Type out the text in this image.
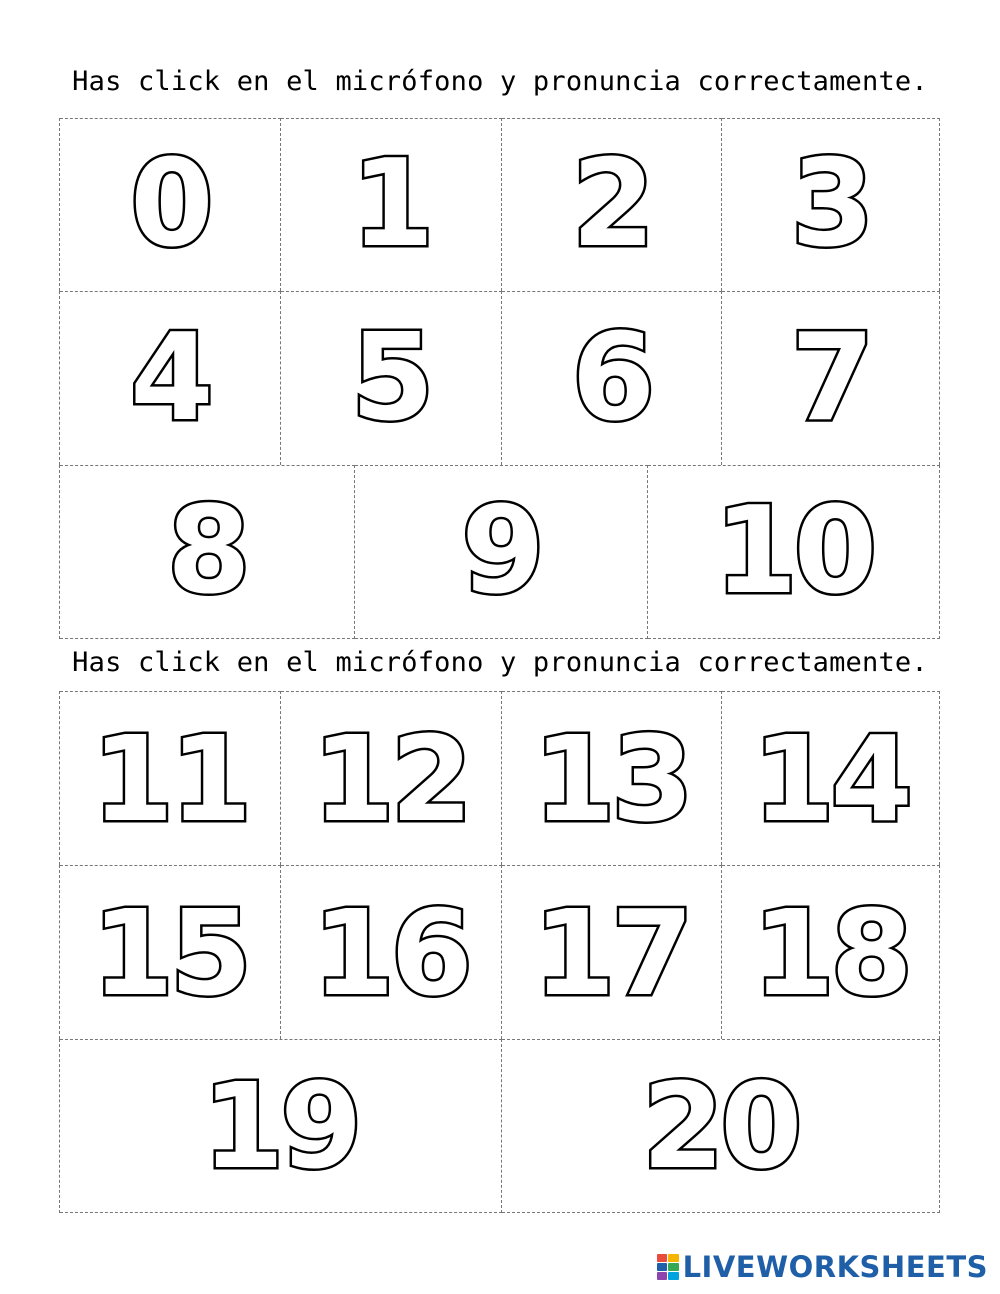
Has click en el micrófono y pronuncia correctamente.
0 1 2 3
4 5 6 7
8 9 10
Has click en el micrófono y pronuncia correctamente.
11 12 13 14
15 16 17 18
19 20
LIVEWORKSHEETS
